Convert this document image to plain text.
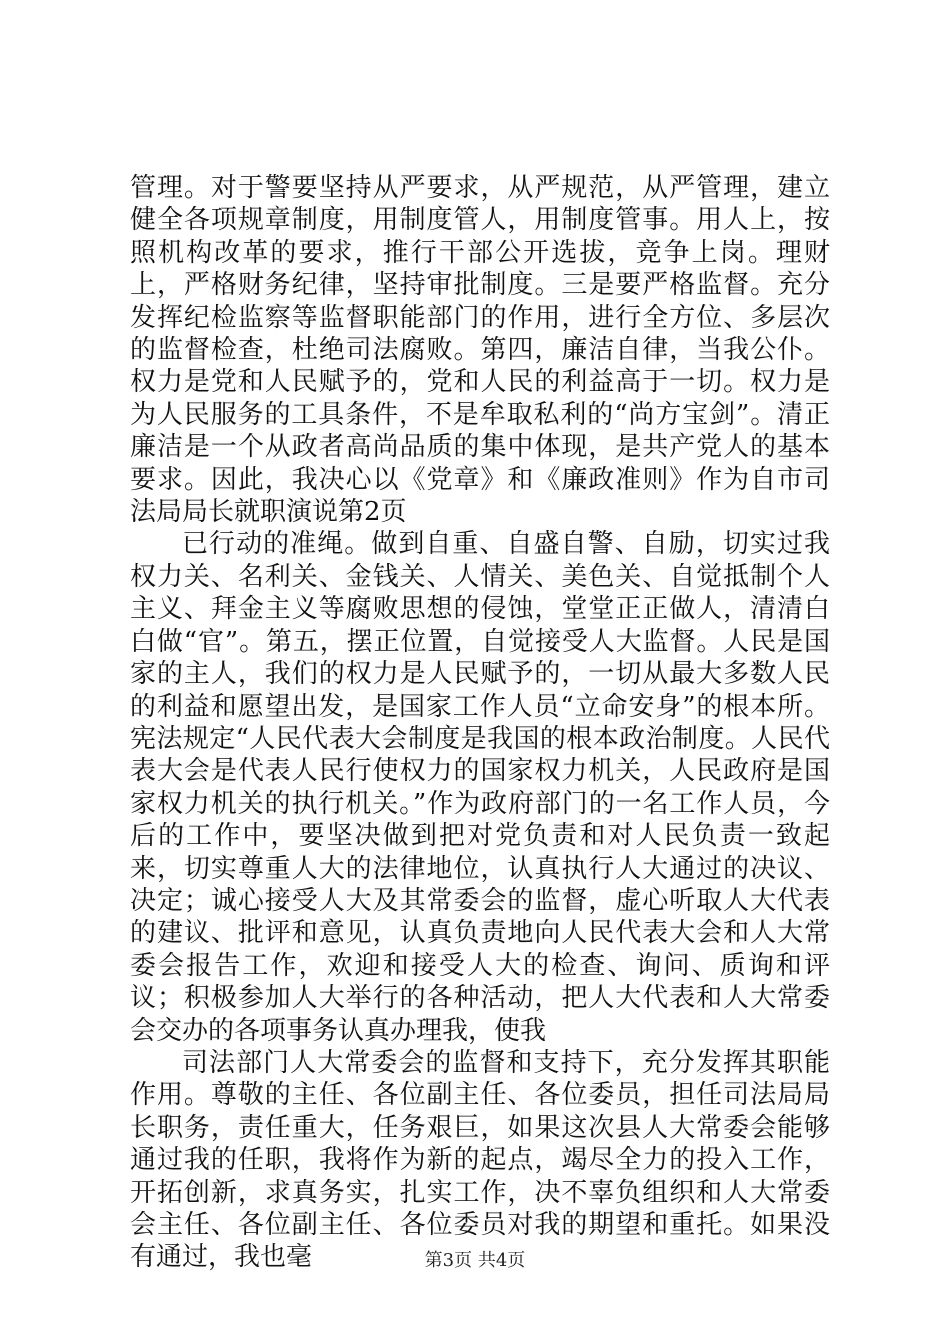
管理。对于警要坚持从严要求，从严规范，从严管理，建立健全各项规章制度，用制度管人，用制度管事。用人上，按照机构改革的要求，推行干部公开选拔，竞争上岗。理财上，严格财务纪律，坚持审批制度。三是要严格监督。充分发挥纪检监察等监督职能部门的作用，进行全方位、多层次的监督检查，杜绝司法腐败。第四，廉洁自律，当我公仆。权力是党和人民赋予的，党和人民的利益高于一切。权力是为人民服务的工具条件，不是牟取私利的“尚方宝剑”。清正廉洁是一个从政者高尚品质的集中体现，是共产党人的基本要求。因此，我决心以《党章》和《廉政准则》作为自市司法局局长就职演说第2页

已行动的准绳。做到自重、自盛自警、自励，切实过我权力关、名利关、金钱关、人情关、美色关、自觉抵制个人主义、拜金主义等腐败思想的侵蚀，堂堂正正做人，清清白白做“官”。第五，摆正位置，自觉接受人大监督。人民是国家的主人，我们的权力是人民赋予的，一切从最大多数人民的利益和愿望出发，是国家工作人员“立命安身”的根本所。宪法规定“人民代表大会制度是我国的根本政治制度。人民代表大会是代表人民行使权力的国家权力机关，人民政府是国家权力机关的执行机关。”作为政府部门的一名工作人员，今后的工作中，要坚决做到把对党负责和对人民负责一致起来，切实尊重人大的法律地位，认真执行人大通过的决议、决定；诚心接受人大及其常委会的监督，虚心听取人大代表的建议、批评和意见，认真负责地向人民代表大会和人大常委会报告工作，欢迎和接受人大的检查、询问、质询和评议；积极参加人大举行的各种活动，把人大代表和人大常委会交办的各项事务认真办理我，使我

司法部门人大常委会的监督和支持下，充分发挥其职能作用。尊敬的主任、各位副主任、各位委员，担任司法局局长职务，责任重大，任务艰巨，如果这次县人大常委会能够通过我的任职，我将作为新的起点，竭尽全力的投入工作，开拓创新，求真务实，扎实工作，决不辜负组织和人大常委会主任、各位副主任、各位委员对我的期望和重托。如果没有通过，我也毫	第3页 共4页
